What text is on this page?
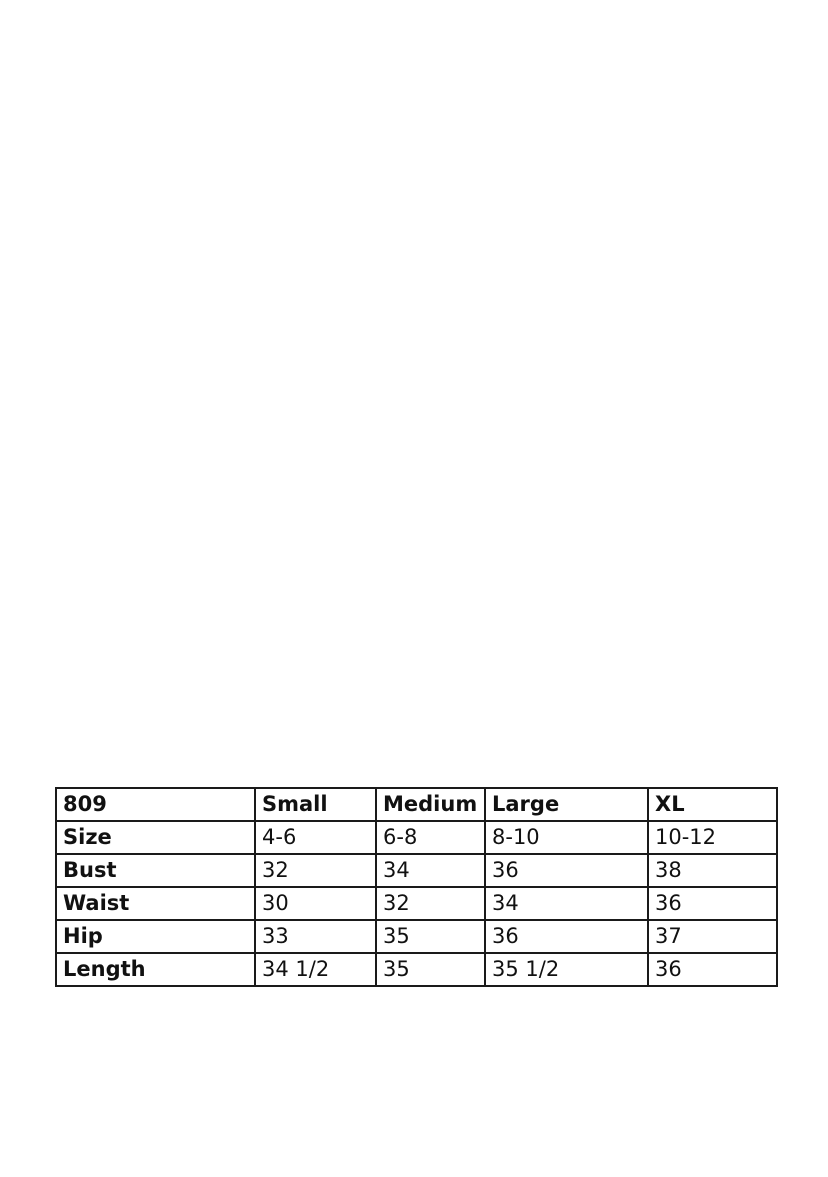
809	Small	Medium	Large	XL
Size	4-6	6-8	8-10	10-12
Bust	32	34	36	38
Waist	30	32	34	36
Hip	33	35	36	37
Length	34 1/2	35	35 1/2	36
